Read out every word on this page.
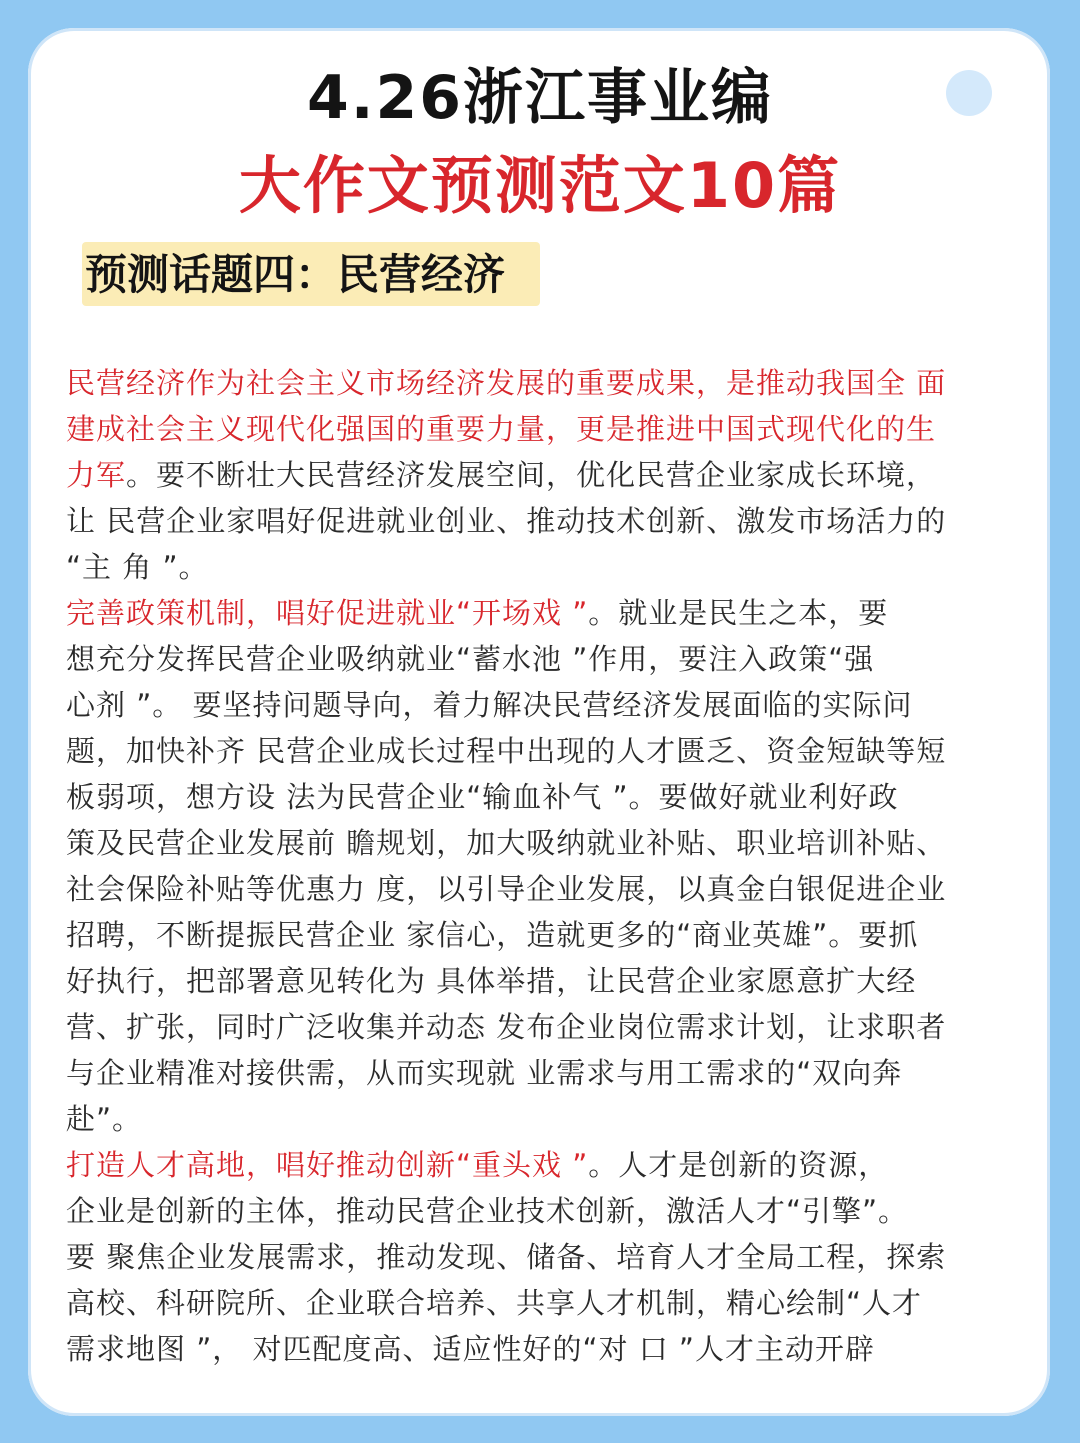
4.26浙江事业编
大作文预测范文10篇
预测话题四：民营经济
民营经济作为社会主义市场经济发展的重要成果，是推动我国全 面
建成社会主义现代化强国的重要力量，更是推进中国式现代化的生
力军。要不断壮大民营经济发展空间，优化民营企业家成长环境，
让 民营企业家唱好促进就业创业、推动技术创新、激发市场活力的
“主 角 ”。
完善政策机制，唱好促进就业“开场戏 ”。就业是民生之本，要
想充分发挥民营企业吸纳就业“蓄水池 ”作用，要注入政策“强
心剂 ”。 要坚持问题导向，着力解决民营经济发展面临的实际问
题，加快补齐 民营企业成长过程中出现的人才匮乏、资金短缺等短
板弱项，想方设 法为民营企业“输血补气 ”。要做好就业利好政
策及民营企业发展前 瞻规划，加大吸纳就业补贴、职业培训补贴、
社会保险补贴等优惠力 度，以引导企业发展，以真金白银促进企业
招聘，不断提振民营企业 家信心，造就更多的“商业英雄”。要抓
好执行，把部署意见转化为 具体举措，让民营企业家愿意扩大经
营、扩张，同时广泛收集并动态 发布企业岗位需求计划，让求职者
与企业精准对接供需，从而实现就 业需求与用工需求的“双向奔
赴”。
打造人才高地，唱好推动创新“重头戏 ”。人才是创新的资源，
企业是创新的主体，推动民营企业技术创新，激活人才“引擎”。
要 聚焦企业发展需求，推动发现、储备、培育人才全局工程，探索
高校、科研院所、企业联合培养、共享人才机制，精心绘制“人才
需求地图 ”， 对匹配度高、适应性好的“对 口 ”人才主动开辟
